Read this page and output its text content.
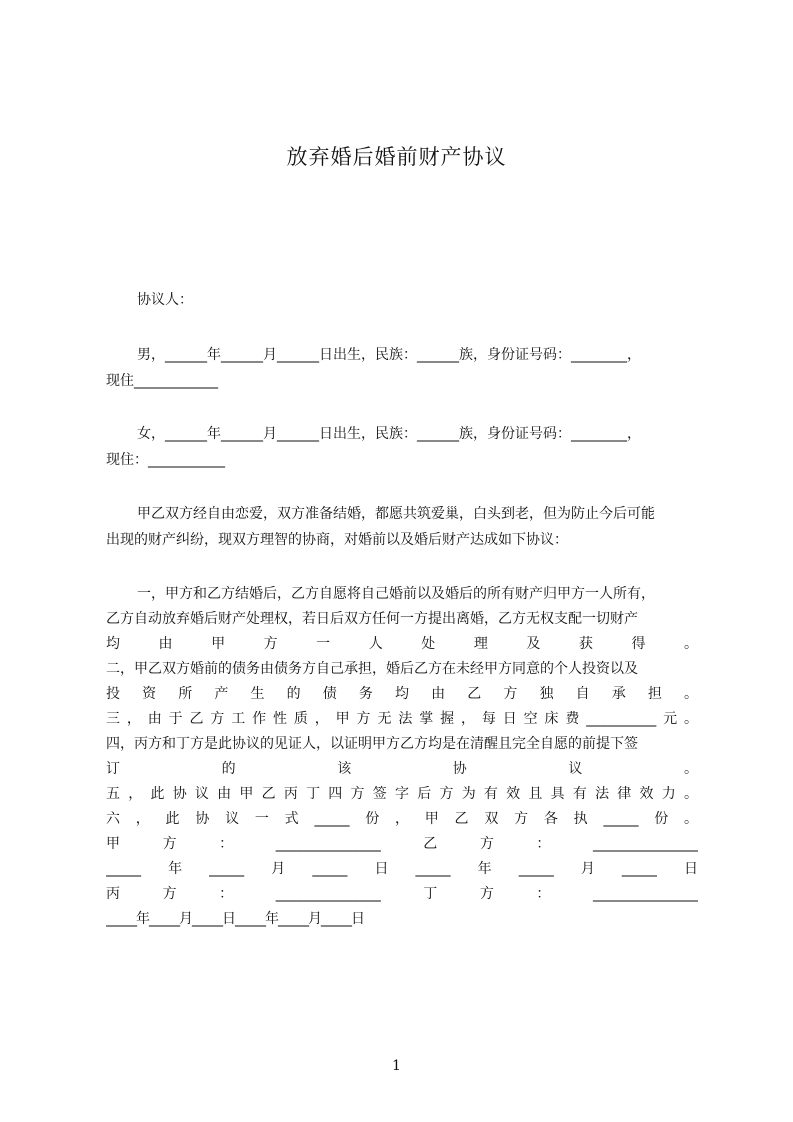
放弃婚后婚前财产协议
协议人：
男，______年______月______日出生，民族：______族，身份证号码：________，
现住____________
女，______年______月______日出生，民族：______族，身份证号码：________，
现住：___________
甲乙双方经自由恋爱，双方准备结婚，都愿共筑爱巢，白头到老，但为防止今后可能
出现的财产纠纷，现双方理智的协商，对婚前以及婚后财产达成如下协议：
一，甲方和乙方结婚后，乙方自愿将自己婚前以及婚后的所有财产归甲方一人所有，
乙方自动放弃婚后财产处理权，若日后双方任何一方提出离婚，乙方无权支配一切财产
均 由 甲 方 一 人 处 理 及 获 得 。
二，甲乙双方婚前的债务由债务方自己承担，婚后乙方在未经甲方同意的个人投资以及
投 资 所 产 生 的 债 务 均 由 乙 方 独 自 承 担 。
三，由于乙方工作性质，甲方无法掌握，每日空床费__________元。
四，丙方和丁方是此协议的见证人，以证明甲方乙方均是在清醒且完全自愿的前提下签
订 的 该 协 议 。
五，此协议由甲乙丙丁四方签字后方为有效且具有法律效力。
六，此协议一式_____份，甲乙双方各执_____份。
甲方：_______________乙方：_______________
_____年_____月_____日_____年_____月_____日
丙方：_______________丁方：_______________
_____年_____月_____日_____年_____月_____日
1
